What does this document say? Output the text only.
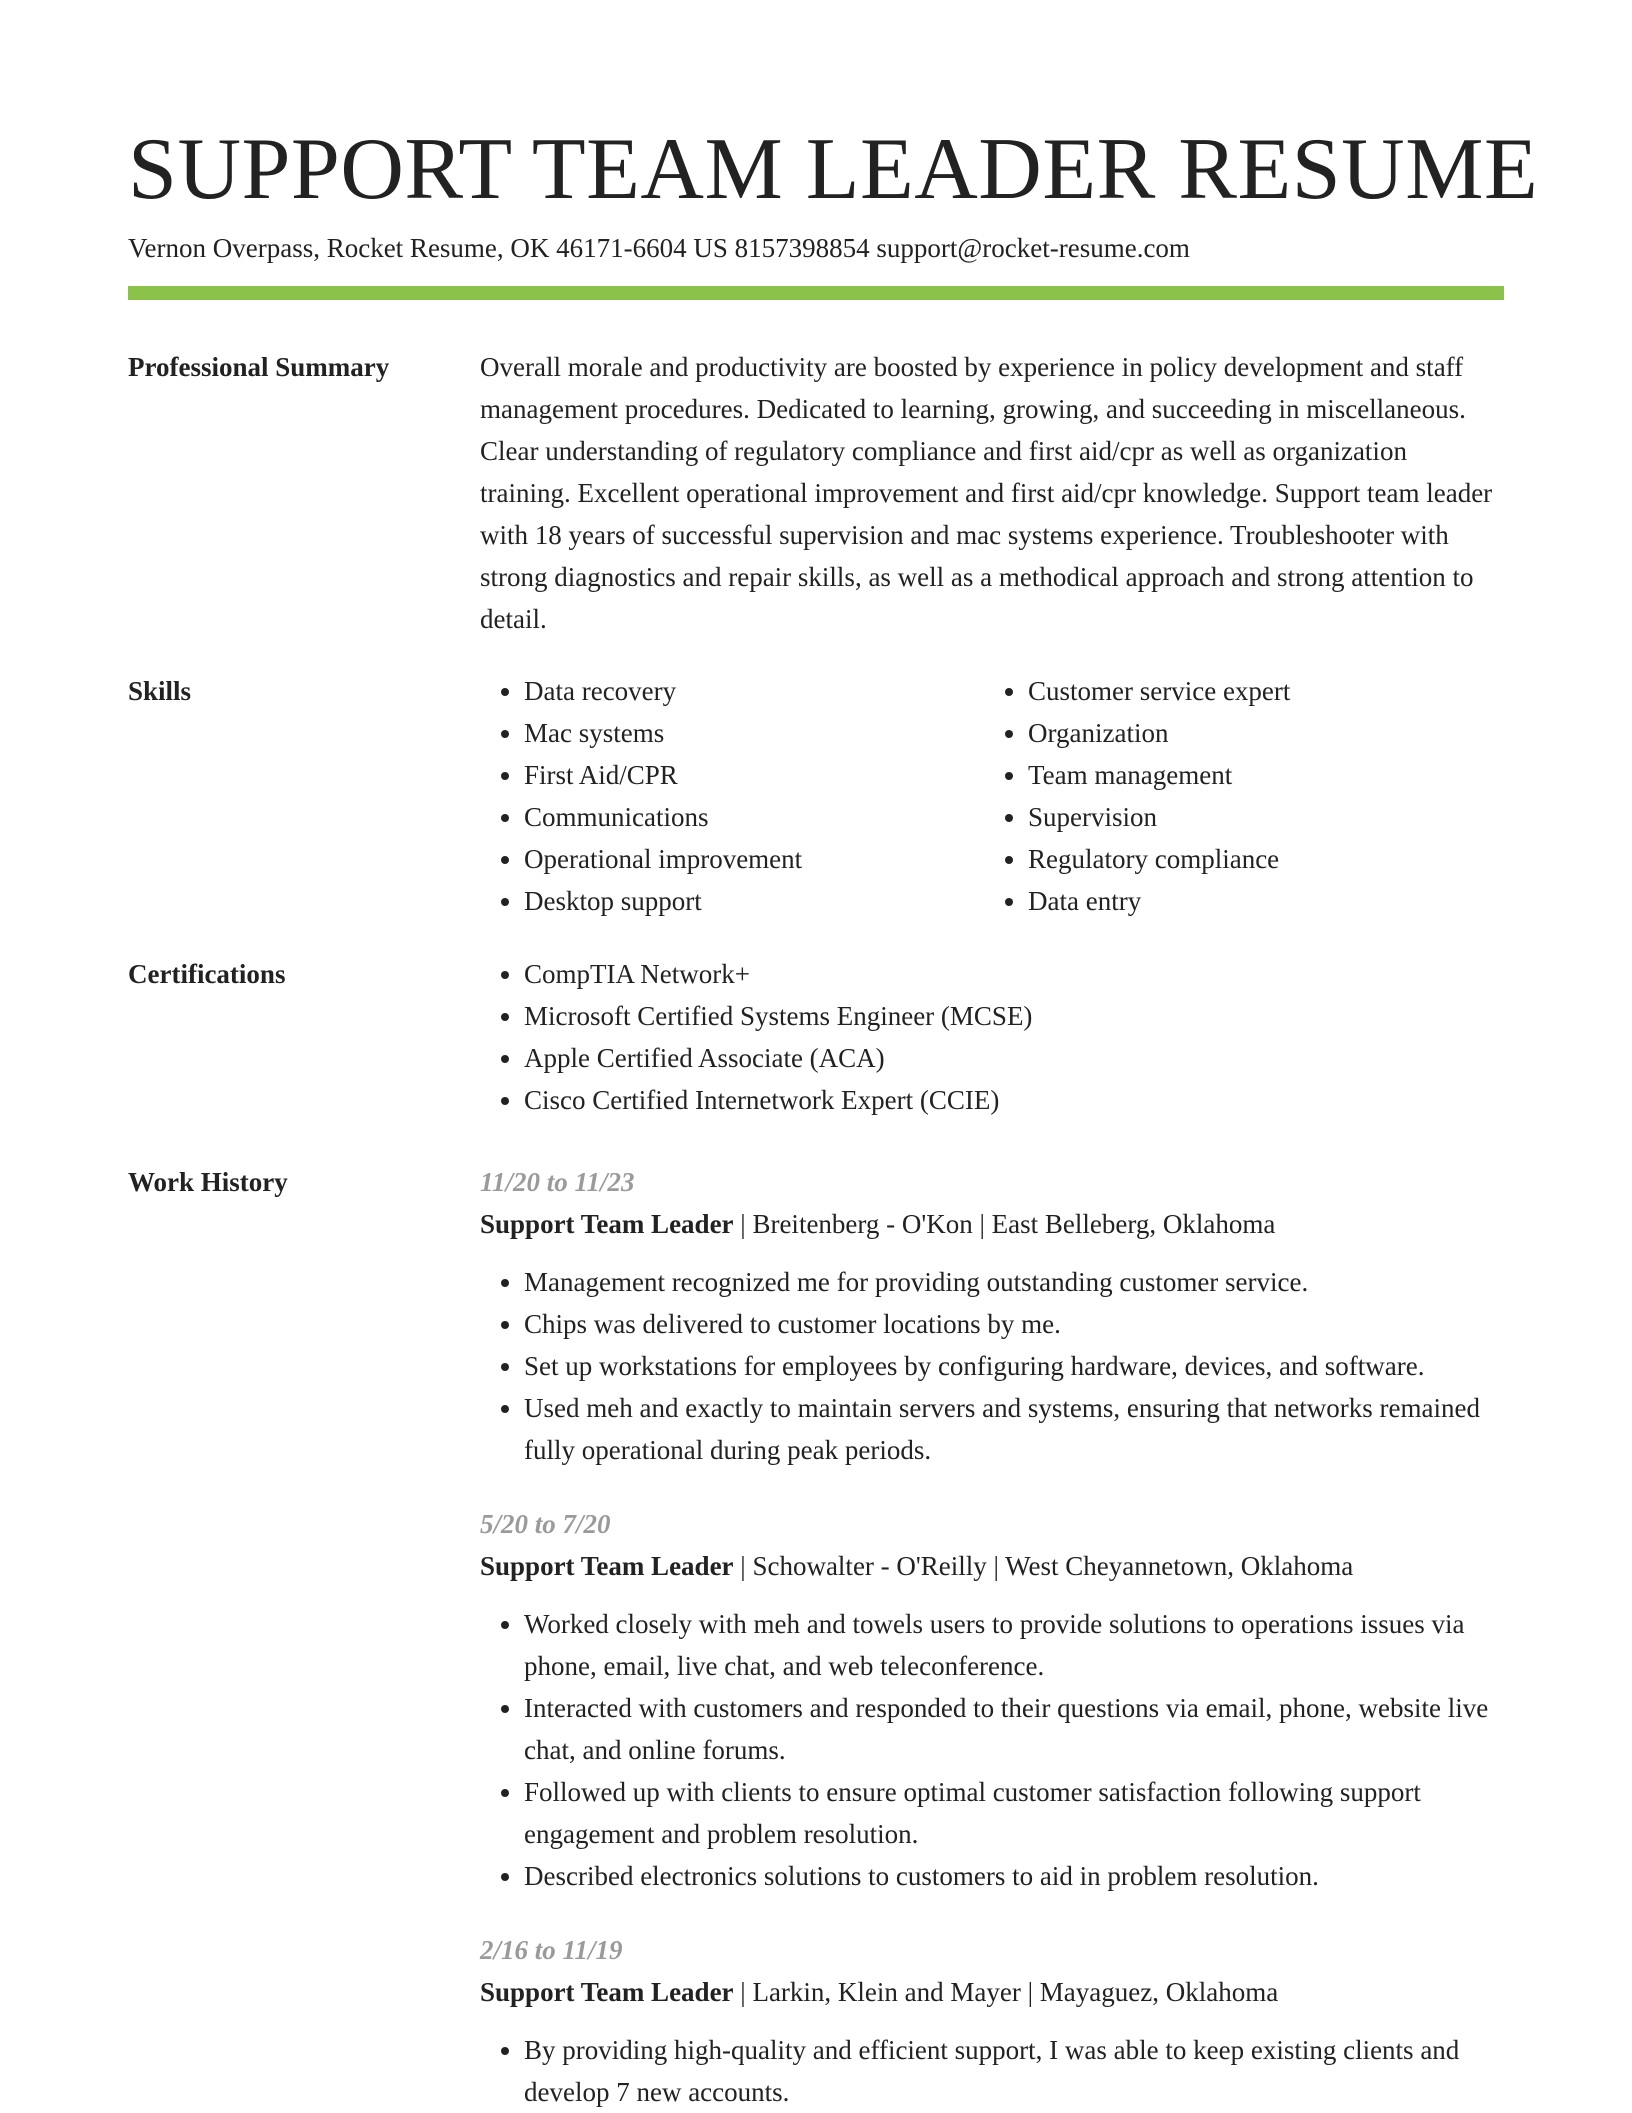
SUPPORT TEAM LEADER RESUME
Vernon Overpass, Rocket Resume, OK 46171-6604 US 8157398854 support@rocket-resume.com
Professional Summary	Overall morale and productivity are boosted by experience in policy development and staff management procedures. Dedicated to learning, growing, and succeeding in miscellaneous. Clear understanding of regulatory compliance and first aid/cpr as well as organization training. Excellent operational improvement and first aid/cpr knowledge. Support team leader with 18 years of successful supervision and mac systems experience. Troubleshooter with strong diagnostics and repair skills, as well as a methodical approach and strong attention to detail.

Skills	• Data recovery
• Mac systems
• First Aid/CPR
• Communications
• Operational improvement
• Desktop support
• Customer service expert
• Organization
• Team management
• Supervision
• Regulatory compliance
• Data entry
Certifications	• CompTIA Network+
• Microsoft Certified Systems Engineer (MCSE)
• Apple Certified Associate (ACA)
• Cisco Certified Internetwork Expert (CCIE)
Work History	11/20 to 11/23
Support Team Leader | Breitenberg - O'Kon | East Belleberg, Oklahoma
• Management recognized me for providing outstanding customer service.
• Chips was delivered to customer locations by me.
• Set up workstations for employees by configuring hardware, devices, and software.
• Used meh and exactly to maintain servers and systems, ensuring that networks remained fully operational during peak periods.
5/20 to 7/20
Support Team Leader | Schowalter - O'Reilly | West Cheyannetown, Oklahoma
• Worked closely with meh and towels users to provide solutions to operations issues via phone, email, live chat, and web teleconference.
• Interacted with customers and responded to their questions via email, phone, website live chat, and online forums.
• Followed up with clients to ensure optimal customer satisfaction following support engagement and problem resolution.
• Described electronics solutions to customers to aid in problem resolution.
2/16 to 11/19
Support Team Leader | Larkin, Klein and Mayer | Mayaguez, Oklahoma
• By providing high-quality and efficient support, I was able to keep existing clients and develop 7 new accounts.
